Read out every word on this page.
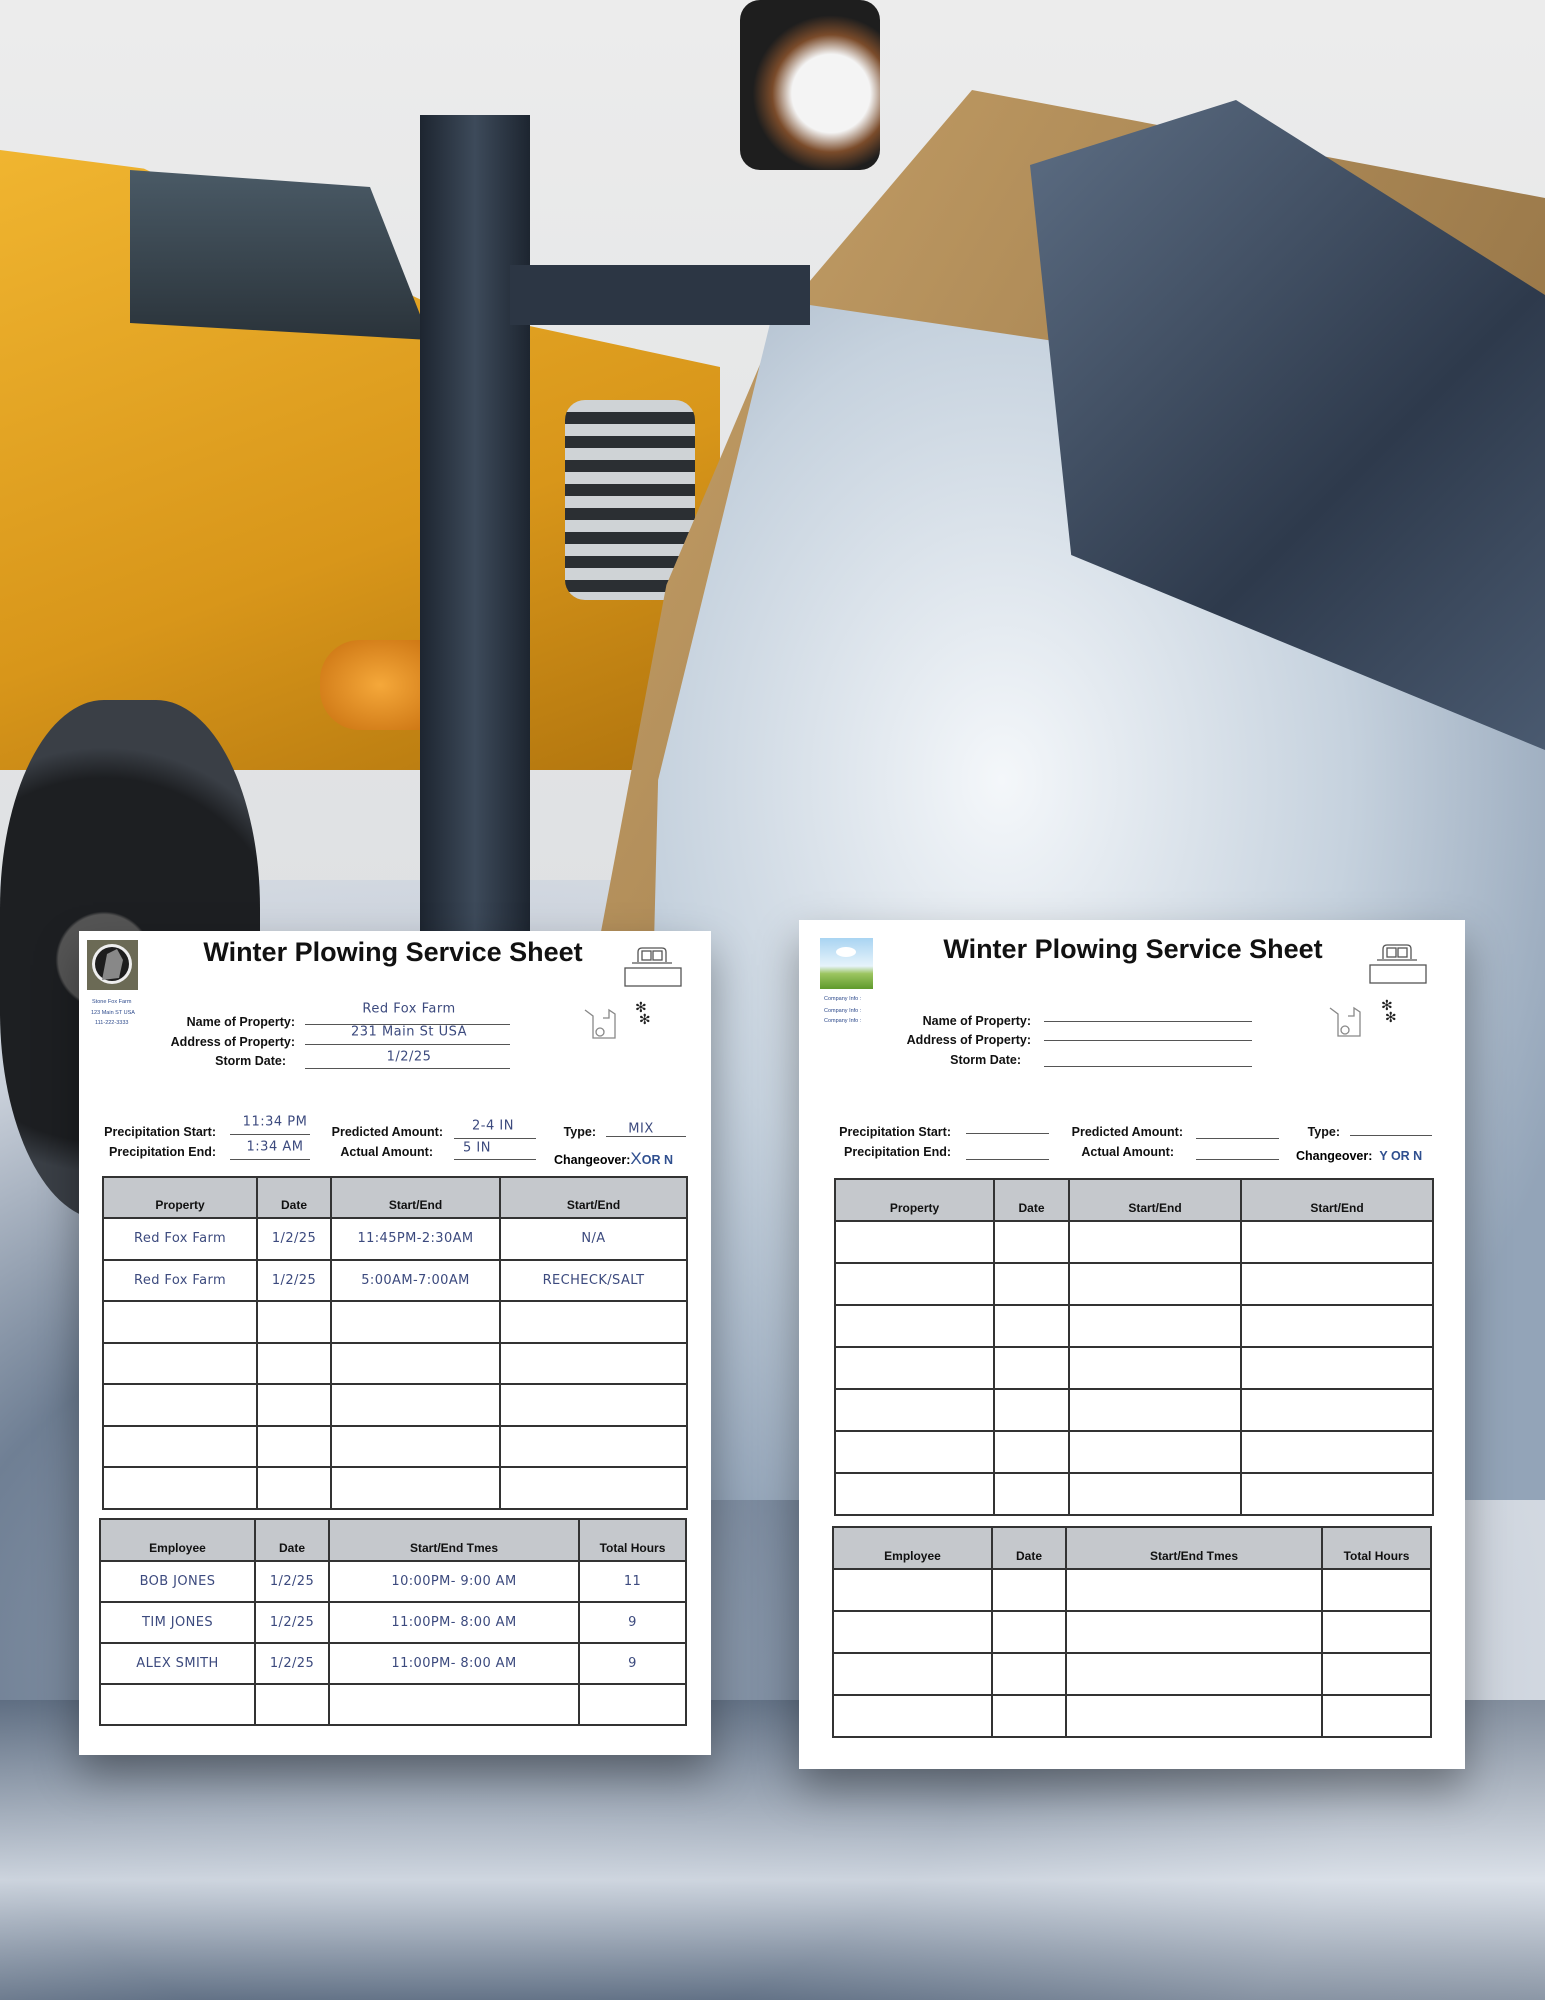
Stone Fox Farm
123 Main ST USA
111-222-3333
Winter Plowing Service Sheet
✻
✻
Name of Property:
Red Fox Farm
Address of Property:
231 Main St USA
Storm Date:	1/2/25
Precipitation Start:
11:34 PM
Precipitation End: 1:34 AM
Predicted Amount: 2-4 IN
Actual Amount: 5 IN
Type: MIX
Changeover:XOR N
Property	Date	Start/End	Start/End
Red Fox Farm	1/2/25	11:45PM-2:30AM	N/A
Red Fox Farm	1/2/25	5:00AM-7:00AM	RECHECK/SALT

Employee	Date	Start/End Tmes	Total Hours
BOB JONES	1/2/25	10:00PM- 9:00 AM	11
TIM JONES	1/2/25	11:00PM- 8:00 AM	9
ALEX SMITH	1/2/25	11:00PM- 8:00 AM	9

Company Info :
Company Info :
Company Info :
Winter Plowing Service Sheet
✻
✻
Name of Property:
Address of Property:
Storm Date:
Precipitation Start:
Precipitation End:
Predicted Amount:
Actual Amount:
Type:
Changeover: Y OR N
Property	Date	Start/End	Start/End

Employee	Date	Start/End Tmes	Total Hours
